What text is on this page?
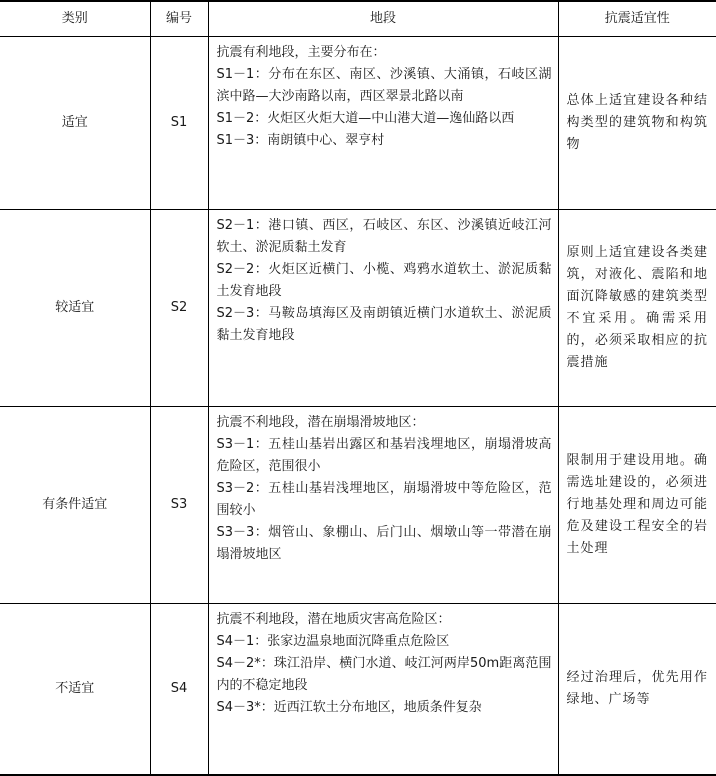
类别	编号	地段	抗震适宜性
适宜	S1	抗震有利地段，主要分布在：

S1－1：分布在东区、南区、沙溪镇、大涌镇，石岐区湖滨中路—大沙南路以南，西区翠景北路以南

S1－2：火炬区火炬大道—中山港大道—逸仙路以西

S1－3：南朗镇中心、翠亨村	总体上适宜建设各种结构类型的建筑物和构筑物
较适宜	S2	S2－1：港口镇、西区，石岐区、东区、沙溪镇近岐江河软土、淤泥质黏土发育

S2－2：火炬区近横门、小榄、鸡鸦水道软土、淤泥质黏土发育地段

S2－3：马鞍岛填海区及南朗镇近横门水道软土、淤泥质黏土发育地段	原则上适宜建设各类建筑，对液化、震陷和地面沉降敏感的建筑类型不宜采用。确需采用的，必须采取相应的抗震措施
有条件适宜	S3	抗震不利地段，潜在崩塌滑坡地区：

S3－1：五桂山基岩出露区和基岩浅埋地区，崩塌滑坡高危险区，范围很小

S3－2：五桂山基岩浅埋地区，崩塌滑坡中等危险区，范围较小

S3－3：烟管山、象棚山、后门山、烟墩山等一带潜在崩塌滑坡地区	限制用于建设用地。确需选址建设的，必须进行地基处理和周边可能危及建设工程安全的岩土处理
不适宜	S4	抗震不利地段，潜在地质灾害高危险区：

S4－1：张家边温泉地面沉降重点危险区

S4－2*：珠江沿岸、横门水道、岐江河两岸50m距离范围内的不稳定地段

S4－3*：近西江软土分布地区，地质条件复杂	经过治理后，优先用作绿地、广场等
